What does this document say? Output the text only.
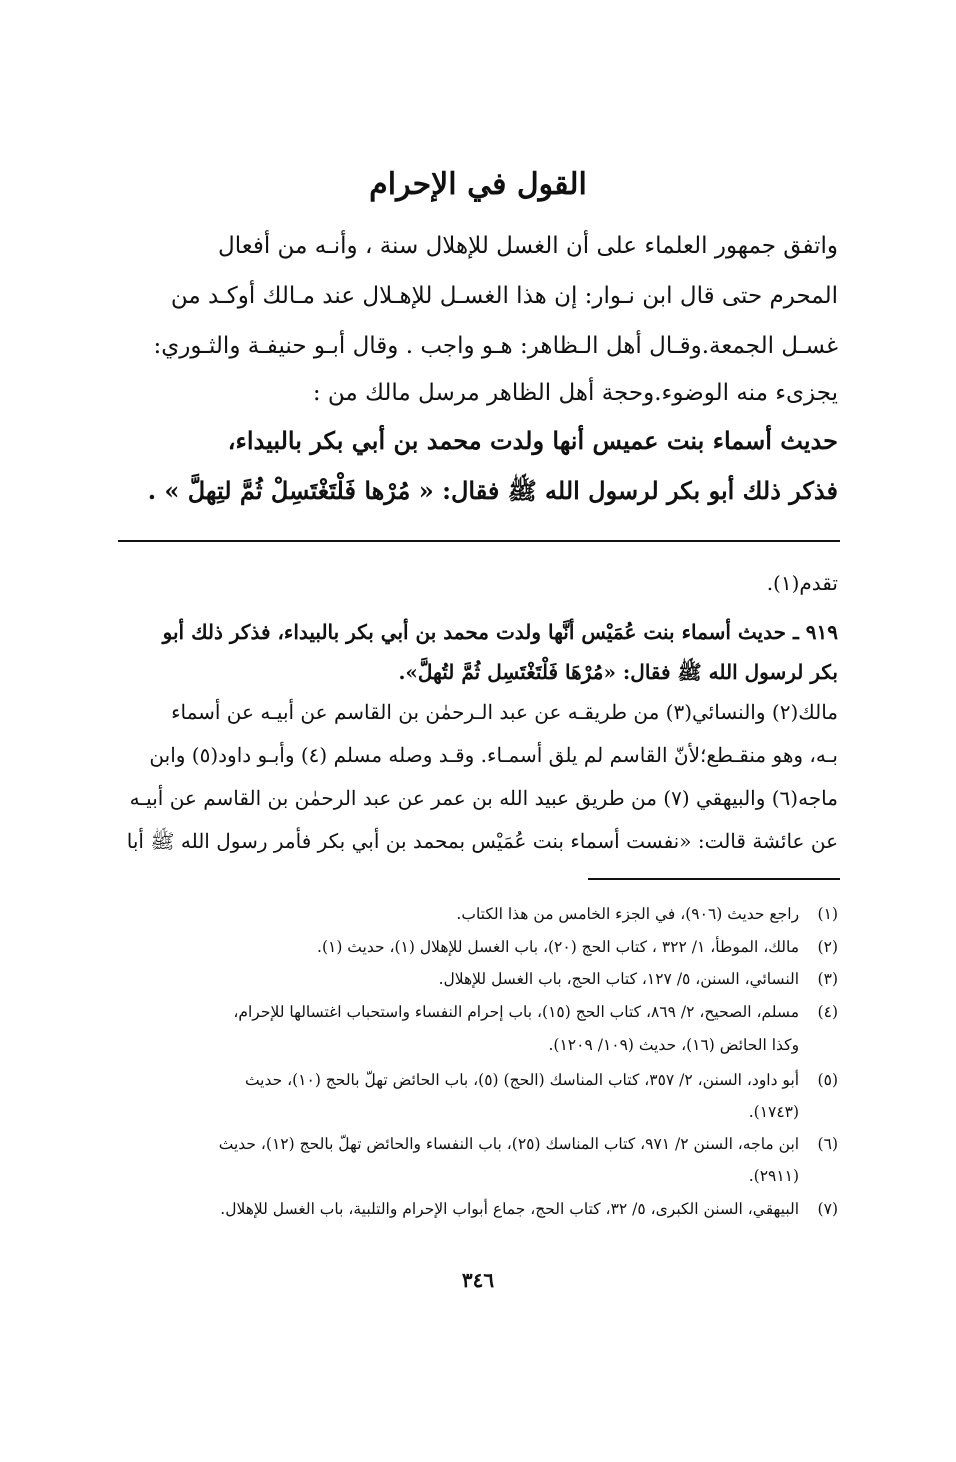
القول في الإحرام
واتفق جمهور العلماء على أن الغسل للإهلال سنة ، وأنـه من أفعال
المحرم حتى قال ابن نـوار: إن هذا الغسـل للإهـلال عند مـالك أوكـد من
غسـل الجمعة.وقـال أهل الـظاهر: هـو واجب . وقال أبـو حنيفـة والثـوري:
يجزىء منه الوضوء.وحجة أهل الظاهر مرسل مالك من :
حديث أسماء بنت عميس أنها ولدت محمد بن أبي بكر بالبيداء،
فذكر ذلك أبو بكر لرسول الله ﷺ فقال: « مُرْها فَلْتَغْتَسِلْ ثُمَّ لتِهلَّ » .
تقدم(١).
٩١٩ ـ حديث أسماء بنت عُمَيْس أنَّها ولدت محمد بن أبي بكر بالبيداء، فذكر ذلك أبو
بكر لرسول الله ﷺ فقال: «مُرْهَا فَلْتَغْتَسِل ثُمَّ لتُهلَّ».
مالك(٢) والنسائي(٣) من طريقـه عن عبد الـرحمٰن بن القاسم عن أبيـه عن أسماء
بـه، وهو منقـطع؛لأنّ القاسم لم يلق أسمـاء. وقـد وصله مسلم (٤) وأبـو داود(٥) وابن
ماجه(٦) والبيهقي (٧) من طريق عبيد الله بن عمر عن عبد الرحمٰن بن القاسم عن أبيـه
عن عائشة قالت: «نفست أسماء بنت عُمَيْس بمحمد بن أبي بكر فأمر رسول الله ﷺ أبا
(١) راجع حديث (٩٠٦)، في الجزء الخامس من هذا الكتاب.
(٢) مالك، الموطأ، ١/ ٣٢٢ ، كتاب الحج (٢٠)، باب الغسل للإهلال (١)، حديث (١).
(٣) النسائي، السنن، ٥/ ١٢٧، كتاب الحج، باب الغسل للإهلال.
(٤) مسلم، الصحيح، ٢/ ٨٦٩، كتاب الحج (١٥)، باب إحرام النفساء واستحباب اغتسالها للإحرام،
وكذا الحائض (١٦)، حديث (١٠٩/ ١٢٠٩).
(٥) أبو داود، السنن، ٢/ ٣٥٧، كتاب المناسك (الحج) (٥)، باب الحائض تهلّ بالحج (١٠)، حديث
(١٧٤٣).
(٦) ابن ماجه، السنن ٢/ ٩٧١، كتاب المناسك (٢٥)، باب النفساء والحائض تهلّ بالحج (١٢)، حديث
(٢٩١١).
(٧) البيهقي، السنن الكبرى، ٥/ ٣٢، كتاب الحج، جماع أبواب الإحرام والتلبية، باب الغسل للإهلال.
٣٤٦
